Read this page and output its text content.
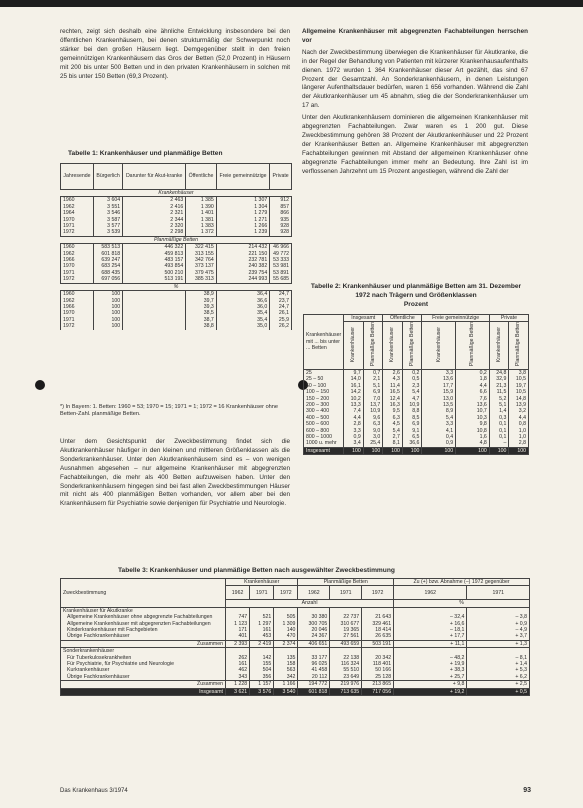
rechten, zeigt sich deshalb eine ähnliche Entwicklung insbesondere bei den öffentlichen Krankenhäusern, bei denen strukturmäßig der Schwerpunkt noch stärker bei den großen Häusern liegt. Demgegenüber stellt in den freien gemeinnützigen Krankenhäusern das Gros der Betten (52,0 Prozent) in Häusern mit 200 bis unter 500 Betten und in den privaten Krankenhäusern in solchen mit 25 bis unter 150 Betten (69,3 Prozent).

Allgemeine Krankenhäuser mit abgegrenzten Fachabteilungen herrschen vor

Nach der Zweckbestimmung überwiegen die Krankenhäuser für Akutkranke, die in der Regel der Behandlung von Patienten mit kürzerer Krankenhausaufenthalts dienen. 1972 wurden 1 364 Krankenhäuser dieser Art gezählt, das sind 67 Prozent der Gesamtzahl. An Sonderkrankenhäusern, in denen Leistungen längerer Aufenthaltsdauer bedürfen, waren 1 656 vorhanden. Während die Zahl der Akutkrankenhäuser um 45 abnahm, stieg die der Sonderkrankenhäuser um 17 an.

Unter den Akutkrankenhäusern dominieren die allgemeinen Krankenhäuser mit abgegrenzten Fachabteilungen. Zwar waren es 1 200 gut. Diese Zweckbestimmung gehören 38 Prozent der Akutkrankenhäuser und 22 Prozent der Krankenhäuser Betten an. Allgemeine Krankenhäuser mit abgegrenzten Fachabteilungen gewinnen mit Abstand der allgemeinen Krankenhäuser ohne abgegrenzte Fachabteilungen immer mehr an Bedeutung. Ihre Zahl ist im verflossenen Jahrzehnt um 15 Prozent angestiegen, während die Zahl der

Tabelle 1: Krankenhäuser und planmäßige Betten
Jahresende	Bürgerlich	Darunter für Akut-kranke	Öffentliche	Freie gemeinnützige	Private
Krankenhäuser					
1960	3 604	2 463	1 385	1 307	912
1962	3 551	2 416	1 390	1 304	857
1964	3 546	2 321	1 401	1 279	866
1970	3 587	2 344	1 381	1 271	935
1971	3 577	2 320	1 383	1 266	928
1972	3 539	2 298	1 372	1 239	928
Planmäßige Betten					
1960	583 513	446 322	322 415	214 432	46 966
1962	601 818	459 813	313 155	221 150	49 772
1966	639 247	483 157	342 764	232 781	53 333
1970	683 254	493 854	373 137	240 382	53 981
1971	688 435	500 210	379 475	239 754	53 891
1972	697 056	513 191	385 313	244 993	55 685
%					
1960	100		38,9	36,4	24,7
1962	100		39,7	36,6	23,7
1966	100		39,3	36,0	24,7
1970	100		38,5	35,4	26,1
1971	100		38,7	35,4	25,9
1972	100		38,8	35,0	26,2
*) In Bayern: 1. Betten: 1960 = 53; 1970 = 15; 1971 = 1; 1972 = 16 Krankenhäuser ohne Betten-Zahl. planmäßige Betten.

Unter dem Gesichtspunkt der Zweckbestimmung findet sich die Akutkrankenhäuser häufiger in den kleinen und mittleren Größenklassen als die Sonderkrankenhäuser. Unter den Akutkrankenhäusern sind es – von wenigen Ausnahmen abgesehen – nur allgemeine Krankenhäuser mit abgegrenzten Fachabteilungen, die mehr als 400 Betten aufzuweisen haben. Unter den Sonderkrankenhäusern hingegen sind bei fast allen Zweckbestimmungen Häuser mit nicht als 400 planmäßigen Betten vorhanden, vor allem aber bei den Krankenhäusern für Psychiatrie sowie denjenigen für Psychiatrie und Neurologie.

Tabelle 2: Krankenhäuser und planmäßige Betten am 31. Dezember 1972 nach Trägern und Größenklassen
Prozent
Krankenhäuser mit ... bis unter ... Betten	Insgesamt		Öffentliche		Freie gemeinnützige		Private	
	Krankenhäuser	Planmäßige Betten	Krankenhäuser	Planmäßige Betten	Krankenhäuser	Planmäßige Betten	Krankenhäuser	Planmäßige Betten
25	9,7	0,7	2,6	0,2	3,3	0,2	24,8	3,8
25 – 50	14,0	2,1	4,3	0,5	13,6	1,8	32,9	10,5
50 – 100	16,1	5,1	11,4	2,3	17,7	4,4	21,3	19,7
100 – 150	14,2	6,9	16,5	5,4	15,9	6,6	11,5	10,5
150 – 200	10,2	7,0	12,4	4,7	13,0	7,6	5,2	14,8
200 – 300	13,3	13,7	16,3	10,9	13,5	13,6	5,1	13,9
300 – 400	7,4	10,9	9,5	8,8	8,9	10,7	1,4	3,2
400 – 500	4,4	9,6	6,3	8,5	5,4	10,3	0,3	4,4
500 – 600	2,8	6,3	4,5	6,9	3,3	9,8	0,1	0,8
600 – 800	3,3	9,0	5,4	9,1	4,1	10,8	0,1	1,0
800 – 1000	0,9	3,0	2,7	6,5	0,4	1,6	0,1	1,0
1000 u. mehr	3,4	25,4	8,1	36,6	0,9	4,8	–	2,8
Insgesamt	100	100	100	100	100	100	100	100
Tabelle 3: Krankenhäuser und planmäßige Betten nach ausgewählter Zweckbestimmung
Zweckbestimmung	Krankenhäuser			Planmäßige Betten			Zu (+) bzw. Abnahme (–) 1972 gegenüber	
	1962	1971	1972	1962	1971	1972	1962	1971
	Anzahl						%	
Krankenhäuser für Akutkranke								
Allgemeine Krankenhäuser ohne abgegrenzte Fachabteilungen	747	521	505	30 380	22 737	21 643	– 32,4	– 3,8
Allgemeine Krankenhäuser mit abgegrenzten Fachabteilungen	1 123	1 297	1 309	300 705	310 677	329 461	+ 16,6	+ 0,9
Kinderkrankenhäuser mit Fachgebieten	171	161	140	20 046	19 365	18 414	– 18,1	– 4,9
Übrige Fachkrankenhäuser	401	453	470	24 367	27 561	26 635	+ 17,7	+ 3,7
Zusammen	2 393	2 419	2 374	406 651	493 659	503 191	+ 11,1	+ 1,3
Sonderkrankenhäuser								
Für Tuberkulosekrankheiten	262	142	135	33 177	22 138	20 342	– 48,2	– 8,1
Für Psychiatrie, für Psychiatrie und Neurologie	161	155	158	96 025	116 324	118 401	+ 19,9	+ 1,4
Kurkrankenhäuser	462	504	563	41 458	55 510	50 166	+ 38,3	+ 5,3
Übrige Fachkrankenhäuser	343	356	342	20 112	23 649	25 128	+ 25,7	+ 6,2
Zusammen	1 228	1 157	1 166	194 772	219 976	213 865	+ 9,8	+ 2,5
Insgesamt	3 621	3 576	3 540	601 818	713 635	717 056	+ 19,2	+ 0,5
Das Krankenhaus 3/1974	93
